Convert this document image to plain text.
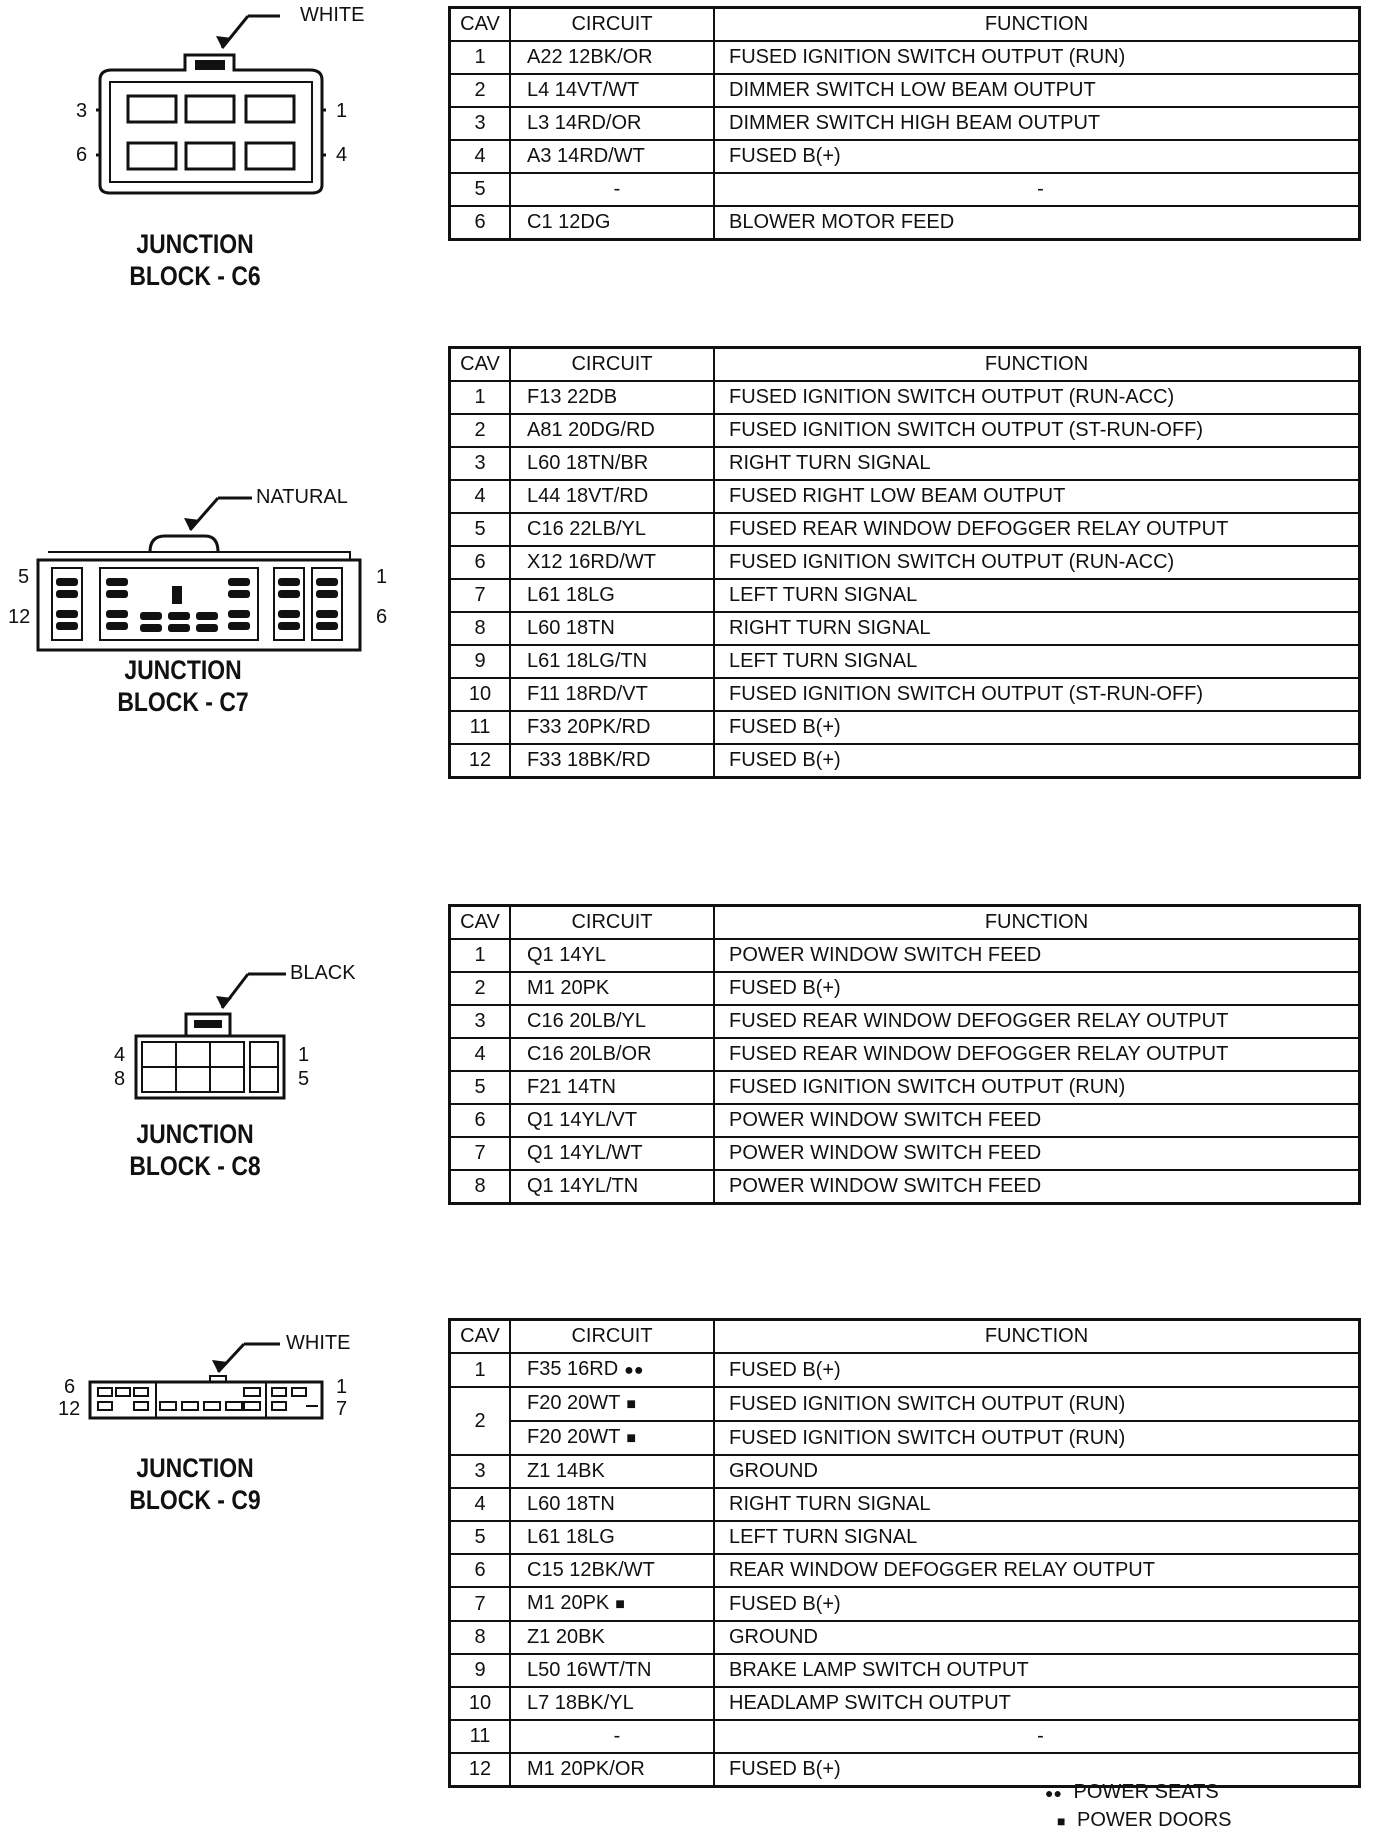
WHITE
3
6
1
4
JUNCTION
BLOCK - C6
CAV	CIRCUIT	FUNCTION
1	A22 12BK/OR	FUSED IGNITION SWITCH OUTPUT (RUN)
2	L4 14VT/WT	DIMMER SWITCH LOW BEAM OUTPUT
3	L3 14RD/OR	DIMMER SWITCH HIGH BEAM OUTPUT
4	A3 14RD/WT	FUSED B(+)
5	-	-
6	C1 12DG	BLOWER MOTOR FEED
NATURAL
5
12
1
6
JUNCTION
BLOCK - C7
CAV	CIRCUIT	FUNCTION
1	F13 22DB	FUSED IGNITION SWITCH OUTPUT (RUN-ACC)
2	A81 20DG/RD	FUSED IGNITION SWITCH OUTPUT (ST-RUN-OFF)
3	L60 18TN/BR	RIGHT TURN SIGNAL
4	L44 18VT/RD	FUSED RIGHT LOW BEAM OUTPUT
5	C16 22LB/YL	FUSED REAR WINDOW DEFOGGER RELAY OUTPUT
6	X12 16RD/WT	FUSED IGNITION SWITCH OUTPUT (RUN-ACC)
7	L61 18LG	LEFT TURN SIGNAL
8	L60 18TN	RIGHT TURN SIGNAL
9	L61 18LG/TN	LEFT TURN SIGNAL
10	F11 18RD/VT	FUSED IGNITION SWITCH OUTPUT (ST-RUN-OFF)
11	F33 20PK/RD	FUSED B(+)
12	F33 18BK/RD	FUSED B(+)
BLACK
4
8
1
5
JUNCTION
BLOCK - C8
CAV	CIRCUIT	FUNCTION
1	Q1 14YL	POWER WINDOW SWITCH FEED
2	M1 20PK	FUSED B(+)
3	C16 20LB/YL	FUSED REAR WINDOW DEFOGGER RELAY OUTPUT
4	C16 20LB/OR	FUSED REAR WINDOW DEFOGGER RELAY OUTPUT
5	F21 14TN	FUSED IGNITION SWITCH OUTPUT (RUN)
6	Q1 14YL/VT	POWER WINDOW SWITCH FEED
7	Q1 14YL/WT	POWER WINDOW SWITCH FEED
8	Q1 14YL/TN	POWER WINDOW SWITCH FEED
WHITE
6
12
1
7
JUNCTION
BLOCK - C9
CAV	CIRCUIT	FUNCTION
1	F35 16RD ●●	FUSED B(+)
2	F20 20WT ■	FUSED IGNITION SWITCH OUTPUT (RUN)
	F20 20WT ■	FUSED IGNITION SWITCH OUTPUT (RUN)
3	Z1 14BK	GROUND
4	L60 18TN	RIGHT TURN SIGNAL
5	L61 18LG	LEFT TURN SIGNAL
6	C15 12BK/WT	REAR WINDOW DEFOGGER RELAY OUTPUT
7	M1 20PK ■	FUSED B(+)
8	Z1 20BK	GROUND
9	L50 16WT/TN	BRAKE LAMP SWITCH OUTPUT
10	L7 18BK/YL	HEADLAMP SWITCH OUTPUT
11	-	-
12	M1 20PK/OR	FUSED B(+)
●● POWER SEATS
■ POWER DOORS
